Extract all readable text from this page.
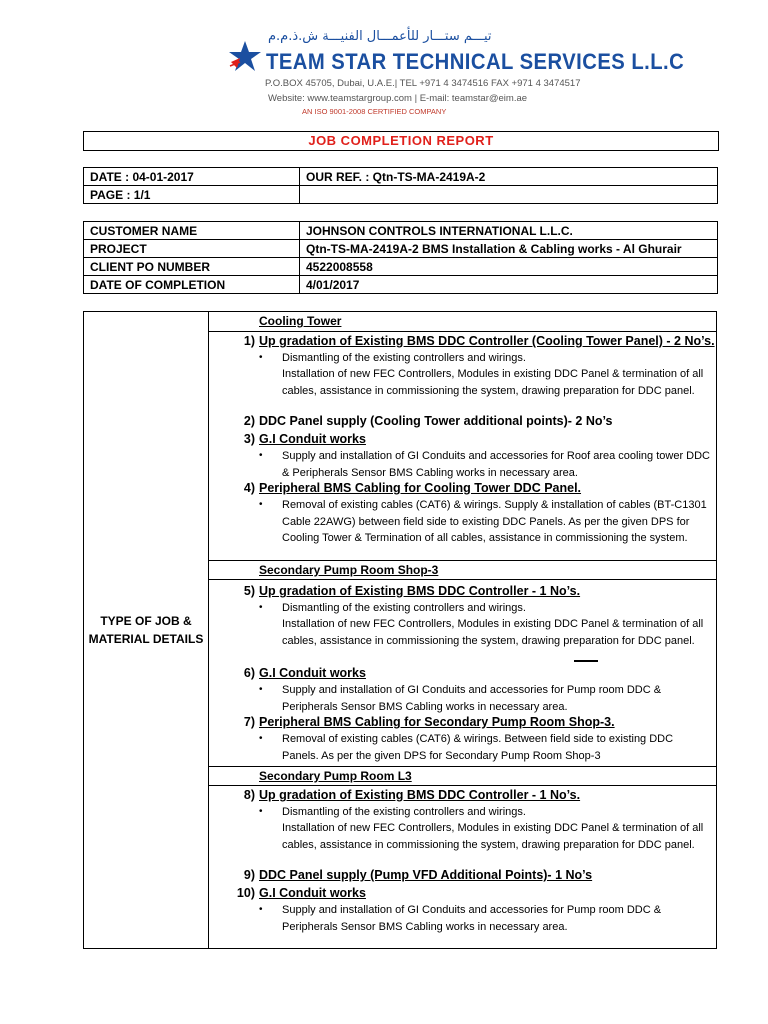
تيـــم ستـــار للأعمـــال الفنيـــة ش.ذ.م.م
TEAM STAR TECHNICAL SERVICES L.L.C
P.O.BOX 45705, Dubai, U.A.E.| TEL +971 4 3474516 FAX +971 4 3474517
Website: www.teamstargroup.com | E-mail: teamstar@eim.ae
AN ISO 9001-2008 CERTIFIED COMPANY
JOB COMPLETION REPORT
DATE : 04-01-2017	OUR REF. : Qtn-TS-MA-2419A-2
PAGE : 1/1	
CUSTOMER NAME	JOHNSON CONTROLS INTERNATIONAL L.L.C.
PROJECT	Qtn-TS-MA-2419A-2 BMS Installation & Cabling works - Al Ghurair
CLIENT PO NUMBER	4522008558
DATE OF COMPLETION	4/01/2017
TYPE OF JOB &
MATERIAL DETAILS
Cooling Tower
1) Up gradation of Existing BMS DDC Controller (Cooling Tower Panel) - 2 No’s.
•	Dismantling of the existing controllers and wirings.
Installation of new FEC Controllers, Modules in existing DDC Panel & termination of all cables, assistance in commissioning the system, drawing preparation for DDC panel.
2) DDC Panel supply (Cooling Tower additional points)- 2 No’s
3) G.I Conduit works
•	Supply and installation of GI Conduits and accessories for Roof area cooling tower DDC & Peripherals Sensor BMS Cabling works in necessary area.
4) Peripheral BMS Cabling for Cooling Tower DDC Panel.
•	Removal of existing cables (CAT6) & wirings. Supply & installation of cables (BT-C1301 Cable 22AWG) between field side to existing DDC Panels. As per the given DPS for Cooling Tower & Termination of all cables, assistance in commissioning the system.
Secondary Pump Room Shop-3
5) Up gradation of Existing BMS DDC Controller - 1 No’s.
•	Dismantling of the existing controllers and wirings.
Installation of new FEC Controllers, Modules in existing DDC Panel & termination of all cables, assistance in commissioning the system, drawing preparation for DDC panel.
6) G.I Conduit works
•	Supply and installation of GI Conduits and accessories for Pump room DDC & Peripherals Sensor BMS Cabling works in necessary area.
7) Peripheral BMS Cabling for Secondary Pump Room Shop-3.
•	Removal of existing cables (CAT6) & wirings. Between field side to existing DDC Panels. As per the given DPS for Secondary Pump Room Shop-3
Secondary Pump Room L3
8) Up gradation of Existing BMS DDC Controller - 1 No’s.
•	Dismantling of the existing controllers and wirings.
Installation of new FEC Controllers, Modules in existing DDC Panel & termination of all cables, assistance in commissioning the system, drawing preparation for DDC panel.
9) DDC Panel supply (Pump VFD Additional Points)- 1 No’s
10) G.I Conduit works
•	Supply and installation of GI Conduits and accessories for Pump room DDC & Peripherals Sensor BMS Cabling works in necessary area.
